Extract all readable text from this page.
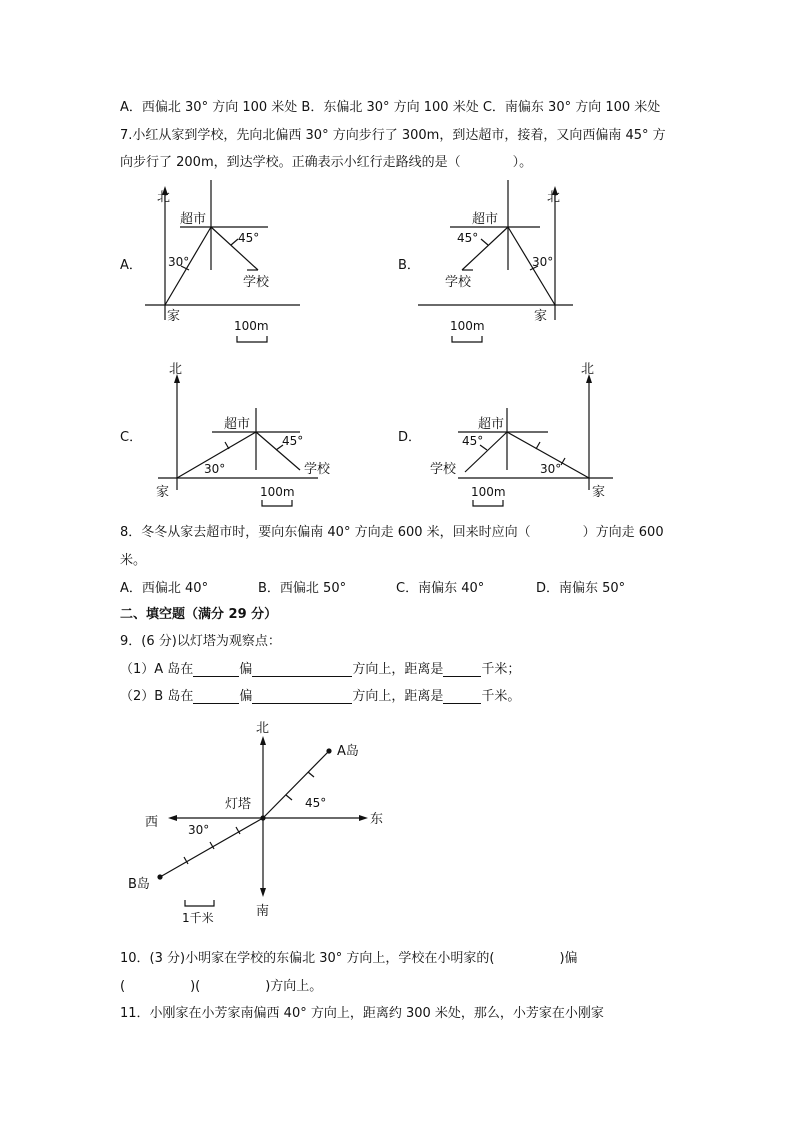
A．西偏北 30° 方向 100 米处 B．东偏北 30° 方向 100 米处 C．南偏东 30° 方向 100 米处
7.小红从家到学校，先向北偏西 30° 方向步行了 300m，到达超市，接着，又向西偏南 45° 方
向步行了 200m，到达学校。正确表示小红行走路线的是（　　　　）。
A．
北
超市
45°
30°
学校
家
100m
B．
北
超市
45°
30°
学校
家
100m
C．
北
超市
45°
30°	学校
家	100m
D．
北
超市
45°
30°
学校
家
100m
8．冬冬从家去超市时，要向东偏南 40° 方向走 600 米，回来时应向（　　　　）方向走 600
米。
A．西偏北 40°	B．西偏北 50°	C．南偏东 40°	D．南偏东 50°
二、填空题（满分 29 分）
9．(6 分)以灯塔为观察点：
（1）A 岛在	偏	方向上，距离是	千米；
（2）B 岛在	偏	方向上，距离是	千米。
北
南
东
西
灯塔
A岛
B岛
45°
30°
1千米
10．(3 分)小明家在学校的东偏北 30° 方向上，学校在小明家的(　　　　　)偏
(　　　　　)(　　　　　)方向上。
11．小刚家在小芳家南偏西 40° 方向上，距离约 300 米处，那么，小芳家在小刚家
